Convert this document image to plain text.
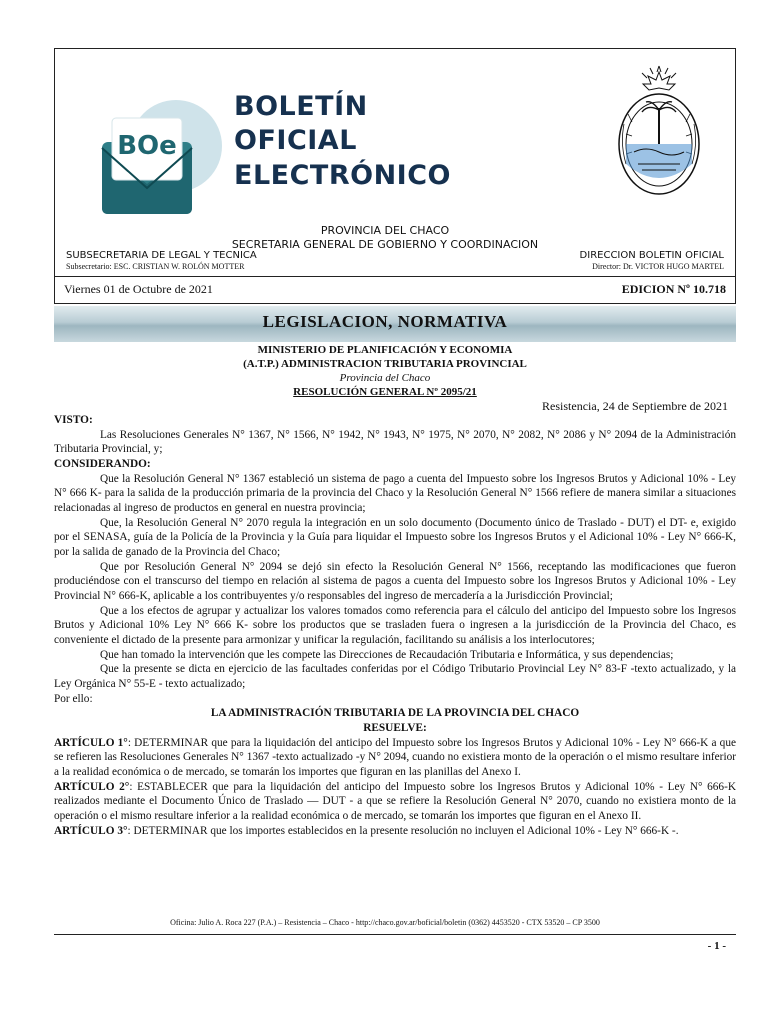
BOe
BOLETÍN
OFICIAL
ELECTRÓNICO
PROVINCIA DEL CHACO
SECRETARIA GENERAL DE GOBIERNO Y COORDINACION
SUBSECRETARIA DE LEGAL Y TECNICA
Subsecretario: ESC. CRISTIAN W. ROLÓN MOTTER
DIRECCION BOLETIN OFICIAL
Director: Dr. VICTOR HUGO MARTEL
Viernes 01 de Octubre de 2021	EDICION Nº 10.718
LEGISLACION, NORMATIVA
MINISTERIO DE PLANIFICACIÓN Y ECONOMIA
(A.T.P.) ADMINISTRACION TRIBUTARIA PROVINCIAL
Provincia del Chaco
RESOLUCIÓN GENERAL Nº 2095/21
Resistencia, 24 de Septiembre de 2021

VISTO:

Las Resoluciones Generales N° 1367, N° 1566, N° 1942, N° 1943, N° 1975, N° 2070, N° 2082, N° 2086 y N° 2094 de la Administración Tributaria Provincial, y;

CONSIDERANDO:

Que la Resolución General N° 1367 estableció un sistema de pago a cuenta del Impuesto sobre los Ingresos Brutos y Adicional 10% - Ley N° 666 K- para la salida de la producción primaria de la provincia del Chaco y la Resolución General N° 1566 refiere de manera similar a situaciones relacionadas al ingreso de productos en general en nuestra provincia;

Que, la Resolución General N° 2070 regula la integración en un solo documento (Documento único de Traslado - DUT) el DT- e, exigido por el SENASA, guía de la Policía de la Provincia y la Guía para liquidar el Impuesto sobre los Ingresos Brutos y el Adicional 10% - Ley N° 666-K, por la salida de ganado de la Provincia del Chaco;

Que por Resolución General N° 2094 se dejó sin efecto la Resolución General N° 1566, receptando las modificaciones que fueron produciéndose con el transcurso del tiempo en relación al sistema de pagos a cuenta del Impuesto sobre los Ingresos Brutos y Adicional 10% - Ley Provincial N° 666-K, aplicable a los contribuyentes y/o responsables del ingreso de mercadería a la Jurisdicción Provincial;

Que a los efectos de agrupar y actualizar los valores tomados como referencia para el cálculo del anticipo del Impuesto sobre los Ingresos Brutos y Adicional 10% Ley N° 666 K- sobre los productos que se trasladen fuera o ingresen a la jurisdicción de la Provincia del Chaco, es conveniente el dictado de la presente para armonizar y unificar la regulación, facilitando su análisis a los interlocutores;

Que han tomado la intervención que les compete las Direcciones de Recaudación Tributaria e Informática, y sus dependencias;

Que la presente se dicta en ejercicio de las facultades conferidas por el Código Tributario Provincial Ley N° 83-F -texto actualizado, y la Ley Orgánica N° 55-E - texto actualizado;

Por ello:

LA ADMINISTRACIÓN TRIBUTARIA DE LA PROVINCIA DEL CHACO

RESUELVE:

ARTÍCULO 1°: DETERMINAR que para la liquidación del anticipo del Impuesto sobre los Ingresos Brutos y Adicional 10% - Ley N° 666-K a que se refieren las Resoluciones Generales N° 1367 -texto actualizado -y N° 2094, cuando no existiera monto de la operación o el mismo resultare inferior a la realidad económica o de mercado, se tomarán los importes que figuran en las planillas del Anexo I.

ARTÍCULO 2°: ESTABLECER que para la liquidación del anticipo del Impuesto sobre los Ingresos Brutos y Adicional 10% - Ley N° 666-K realizados mediante el Documento Único de Traslado — DUT - a que se refiere la Resolución General N° 2070, cuando no existiera monto de la operación o el mismo resultare inferior a la realidad económica o de mercado, se tomarán los importes que figuran en el Anexo II.

ARTÍCULO 3°: DETERMINAR que los importes establecidos en la presente resolución no incluyen el Adicional 10% - Ley N° 666-K -.

Oficina: Julio A. Roca 227 (P.A.) – Resistencia – Chaco - http://chaco.gov.ar/boficial/boletin (0362) 4453520 - CTX 53520 – CP 3500
- 1 -
